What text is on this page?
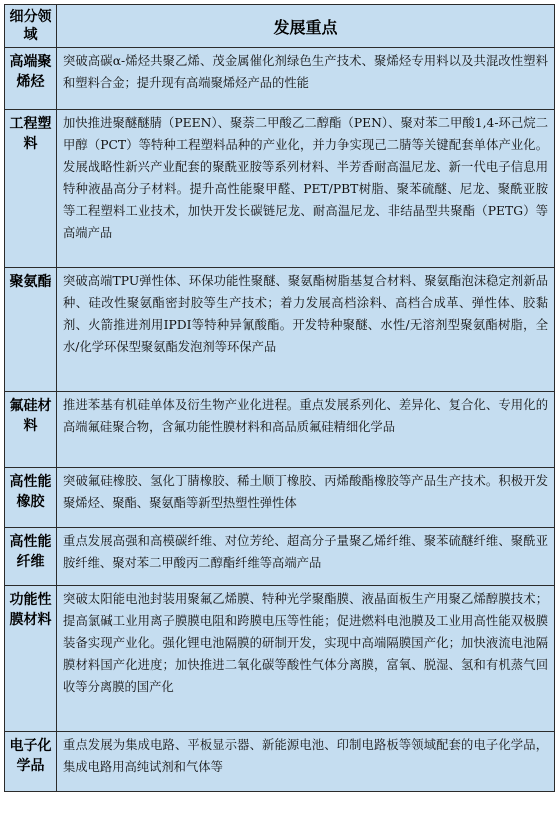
细分领域	发展重点
高端聚烯烃	突破高碳α-烯烃共聚乙烯、茂金属催化剂绿色生产技术、聚烯烃专用料以及共混改性塑料和塑料合金；提升现有高端聚烯烃产品的性能
工程塑料	加快推进聚醚醚腈（PEEN）、聚萘二甲酸乙二醇酯（PEN）、聚对苯二甲酸1,4-环己烷二甲醇（PCT）等特种工程塑料品种的产业化，并力争实现己二腈等关键配套单体产业化。发展战略性新兴产业配套的聚酰亚胺等系列材料、半芳香耐高温尼龙、新一代电子信息用特种液晶高分子材料。提升高性能聚甲醛、PET/PBT树脂、聚苯硫醚、尼龙、聚酰亚胺等工程塑料工业技术，加快开发长碳链尼龙、耐高温尼龙、非结晶型共聚酯（PETG）等高端产品
聚氨酯	突破高端TPU弹性体、环保功能性聚醚、聚氨酯树脂基复合材料、聚氨酯泡沫稳定剂新品种、硅改性聚氨酯密封胶等生产技术；着力发展高档涂料、高档合成革、弹性体、胶黏剂、火箭推进剂用IPDI等特种异氰酸酯。开发特种聚醚、水性/无溶剂型聚氨酯树脂，全水/化学环保型聚氨酯发泡剂等环保产品
氟硅材料	推进苯基有机硅单体及衍生物产业化进程。重点发展系列化、差异化、复合化、专用化的高端氟硅聚合物，含氟功能性膜材料和高品质氟硅精细化学品
高性能橡胶	突破氟硅橡胶、氢化丁腈橡胶、稀土顺丁橡胶、丙烯酸酯橡胶等产品生产技术。积极开发聚烯烃、聚酯、聚氨酯等新型热塑性弹性体
高性能纤维	重点发展高强和高模碳纤维、对位芳纶、超高分子量聚乙烯纤维、聚苯硫醚纤维、聚酰亚胺纤维、聚对苯二甲酸丙二醇酯纤维等高端产品
功能性膜材料	突破太阳能电池封装用聚氟乙烯膜、特种光学聚酯膜、液晶面板生产用聚乙烯醇膜技术；提高氯碱工业用离子膜膜电阻和跨膜电压等性能；促进燃料电池膜及工业用高性能双极膜装备实现产业化。强化锂电池隔膜的研制开发，实现中高端隔膜国产化；加快液流电池隔膜材料国产化进度；加快推进二氧化碳等酸性气体分离膜，富氧、脱湿、氢和有机蒸气回收等分离膜的国产化
电子化学品	重点发展为集成电路、平板显示器、新能源电池、印制电路板等领域配套的电子化学品，集成电路用高纯试剂和气体等
